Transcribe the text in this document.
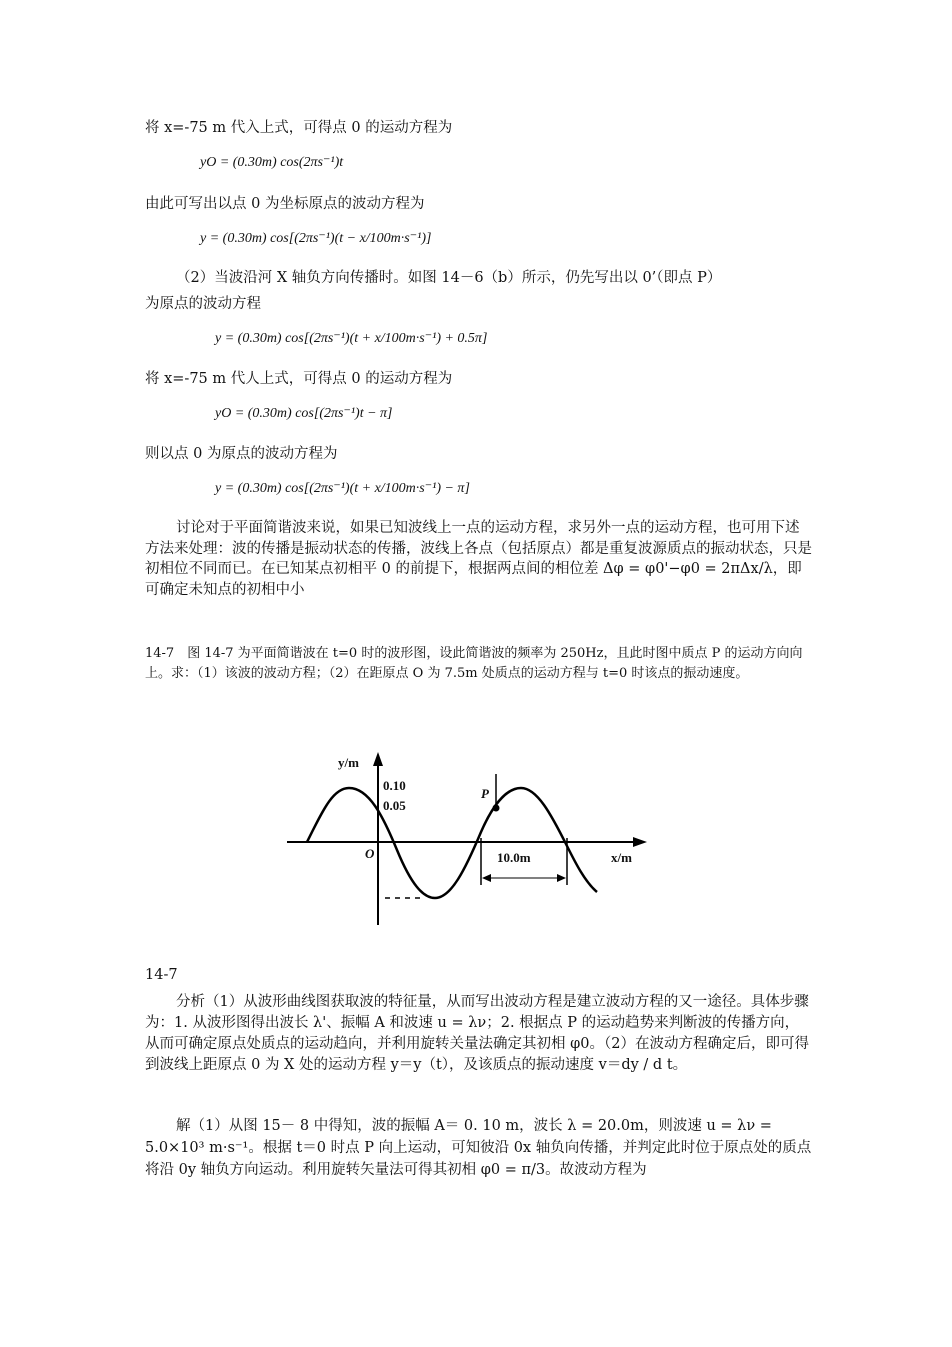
将 x=-75 m 代入上式，可得点 0 的运动方程为
yO = (0.30m) cos(2πs⁻¹)t
由此可写出以点 0 为坐标原点的波动方程为
y = (0.30m) cos[(2πs⁻¹)(t − x/100m·s⁻¹)]
（2）当波沿河 X 轴负方向传播时。如图 14－6（b）所示，仍先写出以 0’（即点 P）
为原点的波动方程
y = (0.30m) cos[(2πs⁻¹)(t + x/100m·s⁻¹) + 0.5π]
将 x=-75 m 代人上式，可得点 0 的运动方程为
yO = (0.30m) cos[(2πs⁻¹)t − π]
则以点 0 为原点的波动方程为
y = (0.30m) cos[(2πs⁻¹)(t + x/100m·s⁻¹) − π]
讨论对于平面简谐波来说，如果已知波线上一点的运动方程，求另外一点的运动方程，也可用下述方法来处理：波的传播是振动状态的传播，波线上各点（包括原点）都是重复波源质点的振动状态，只是初相位不同而已。在已知某点初相平 0 的前提下，根据两点间的相位差 Δφ = φ0'−φ0 = 2πΔx/λ，即可确定未知点的初相中小
14-7　图 14-7 为平面简谐波在 t=0 时的波形图，设此简谐波的频率为 250Hz，且此时图中质点 P 的运动方向向上。求：（1）该波的波动方程；（2）在距原点 O 为 7.5m 处质点的运动方程与 t=0 时该点的振动速度。
y/m
0.10
0.05
O
P
10.0m	x/m
14-7
分析（1）从波形曲线图获取波的特征量，从而写出波动方程是建立波动方程的又一途径。具体步骤为：1. 从波形图得出波长 λ'、振幅 A 和波速 u = λν；2. 根据点 P 的运动趋势来判断波的传播方向，从而可确定原点处质点的运动趋向，并利用旋转关量法确定其初相 φ0。（2）在波动方程确定后，即可得到波线上距原点 0 为 X 处的运动方程 y＝y（t），及该质点的振动速度 v＝dy / d t。
解（1）从图 15－ 8 中得知，波的振幅 A＝ 0. 10 m，波长 λ = 20.0m，则波速 u = λν = 5.0×10³ m·s⁻¹。根据 t＝0 时点 P 向上运动，可知彼沿 0x 轴负向传播，并判定此时位于原点处的质点将沿 0y 轴负方向运动。利用旋转矢量法可得其初相 φ0 = π/3。故波动方程为
